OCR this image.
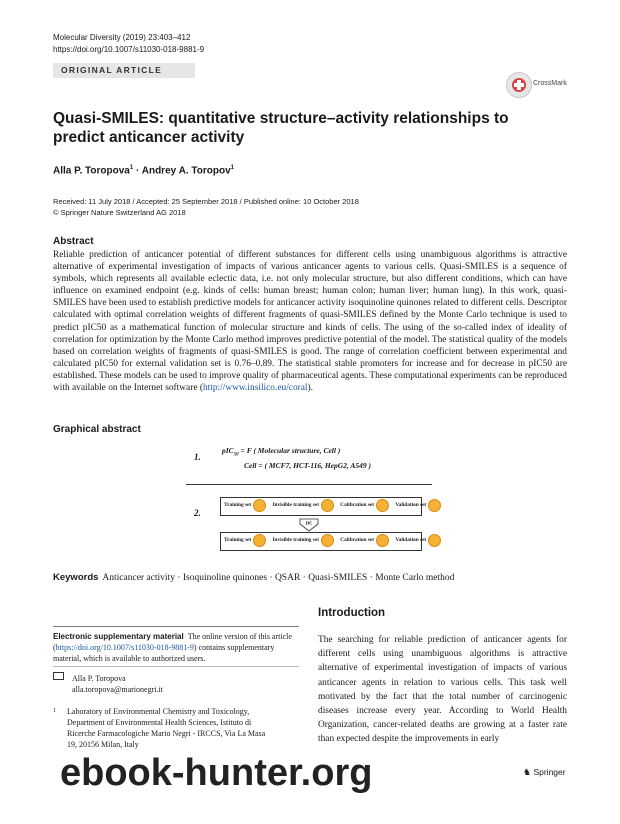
Molecular Diversity (2019) 23:403–412
https://doi.org/10.1007/s11030-018-9881-9
ORIGINAL ARTICLE
CrossMark
Quasi-SMILES: quantitative structure–activity relationships to predict anticancer activity
Alla P. Toropova$^1$ · Andrey A. Toropov$^1$
Received: 11 July 2018 / Accepted: 25 September 2018 / Published online: 10 October 2018
© Springer Nature Switzerland AG 2018
Abstract
Reliable prediction of anticancer potential of different substances for different cells using unambiguous algorithms is attractive alternative of experimental investigation of impacts of various anticancer agents to various cells. Quasi-SMILES is a sequence of symbols, which represents all available eclectic data, i.e. not only molecular structure, but also different conditions, which can have influence on examined endpoint (e.g. kinds of cells: human breast; human colon; human liver; human lung). In this work, quasi-SMILES have been used to establish predictive models for anticancer activity isoquinoline quinones related to different cells. Descriptor calculated with optimal correlation weights of different fragments of quasi-SMILES defined by the Monte Carlo technique is used to predict pIC50 as a mathematical function of molecular structure and kinds of cells. The using of the so-called index of ideality of correlation for optimization by the Monte Carlo method improves predictive potential of the model. The statistical quality of the models based on correlation weights of fragments of quasi-SMILES is good. The range of correlation coefficient between experimental and calculated pIC50 for external validation set is 0.76–0.89. The statistical stable promoters for increase and for decrease in pIC50 are established. These models can be used to improve quality of pharmaceutical agents. These computational experiments can be reproduced with available on the Internet software (http://www.insilico.eu/coral).
Graphical abstract
1.
pIC$_{50}$ = F ( Molecular structure, Cell )
Cell = ( MCF7, HCT-116, HepG2, A549 )
2.
Training set	Invisible training set	Calibration set	Validation set
IIC
Training set	Invisible training set	Calibration set	Validation set
Keywords Anticancer activity · Isoquinoline quinones · QSAR · Quasi-SMILES · Monte Carlo method
Introduction
The searching for reliable prediction of anticancer agents for different cells using unambiguous algorithms is attractive alternative of experimental investigation of impacts of various anticancer agents in relation to various cells. This task well motivated by the fact that the total number of carcinogenic diseases increase every year. According to World Health Organization, cancer-related deaths are growing at a faster rate than expected despite the improvements in early
Electronic supplementary material The online version of this article (https://doi.org/10.1007/s11030-018-9881-9) contains supplementary material, which is available to authorized users.
Alla P. Toropova
alla.toropova@marionegri.it
1 Laboratory of Environmental Chemistry and Toxicology, Department of Environmental Health Sciences, Istituto di Ricerche Farmacologiche Mario Negri - IRCCS, Via La Masa 19, 20156 Milan, Italy
♞ Springer
ebook-hunter.org
